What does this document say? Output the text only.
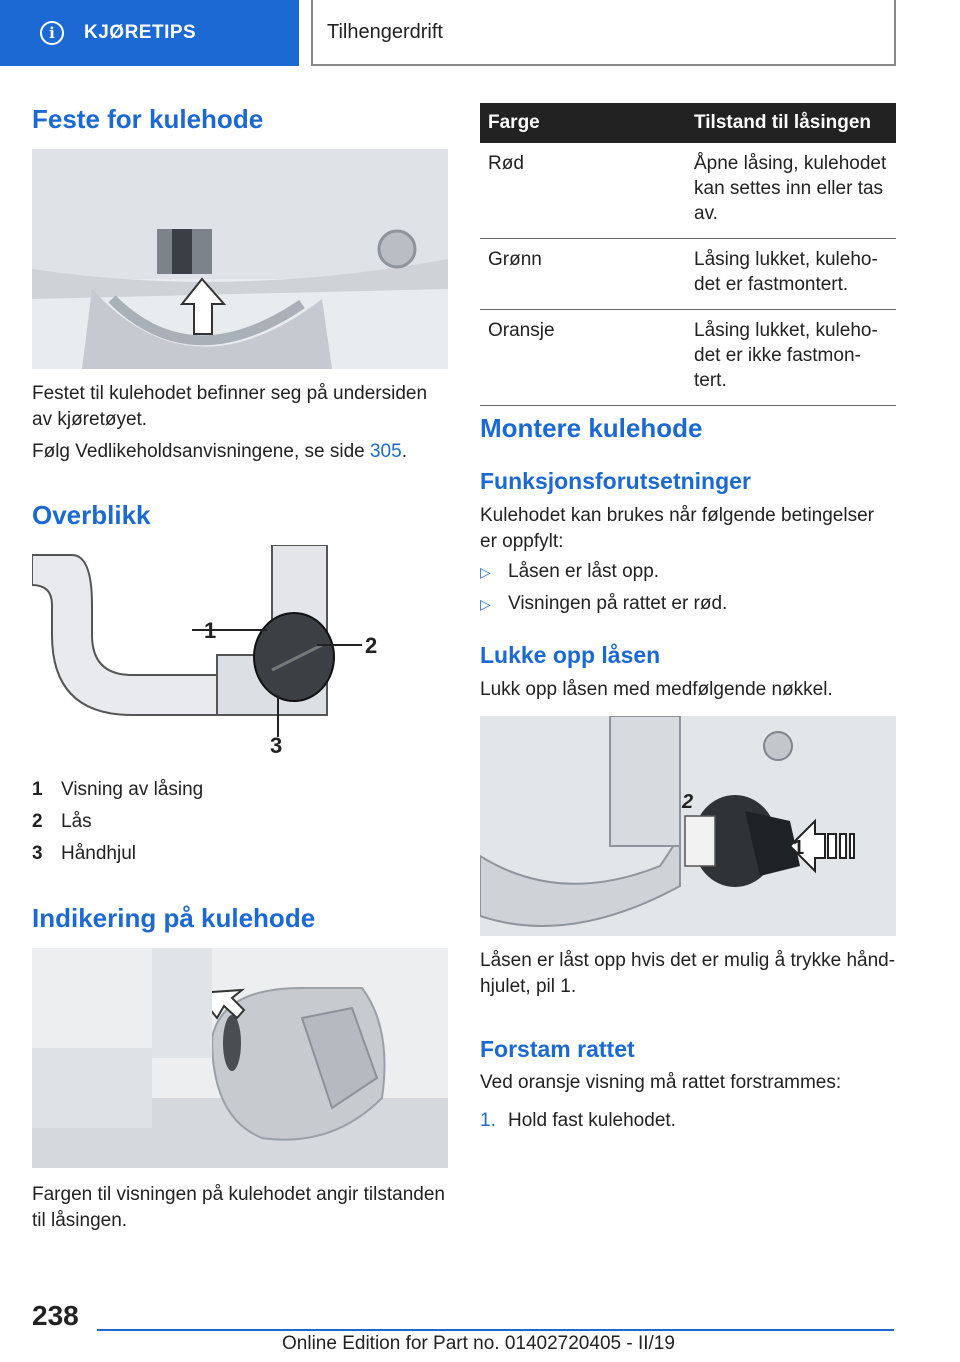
i	KJØRETIPS	Tilhengerdrift
Feste for kulehode

Festet til kulehodet befinner seg på undersiden av kjøretøyet.

Følg Vedlikeholdsanvisningene, se side 305.

Overblikk
1
2
3
1 Visning av låsing
2 Lås
3 Håndhjul
Indikering på kulehode

Fargen til visningen på kulehodet angir tilstanden til låsingen.

Farge	Tilstand til låsingen
Rød	Åpne låsing, kulehodet kan settes inn eller tas av.
Grønn	Låsing lukket, kuleho-det er fastmontert.
Oransje	Låsing lukket, kuleho-det er ikke fastmon-tert.
Montere kulehode
Funksjonsforutsetninger

Kulehodet kan brukes når følgende betingelser er oppfylt:

▷ Låsen er låst opp.
▷ Visningen på rattet er rød.
Lukke opp låsen

Lukk opp låsen med medfølgende nøkkel.

1
2

Låsen er låst opp hvis det er mulig å trykke hånd-hjulet, pil 1.

Forstam rattet

Ved oransje visning må rattet forstrammes:

1. Hold fast kulehodet.
238
Online Edition for Part no. 01402720405 - II/19
